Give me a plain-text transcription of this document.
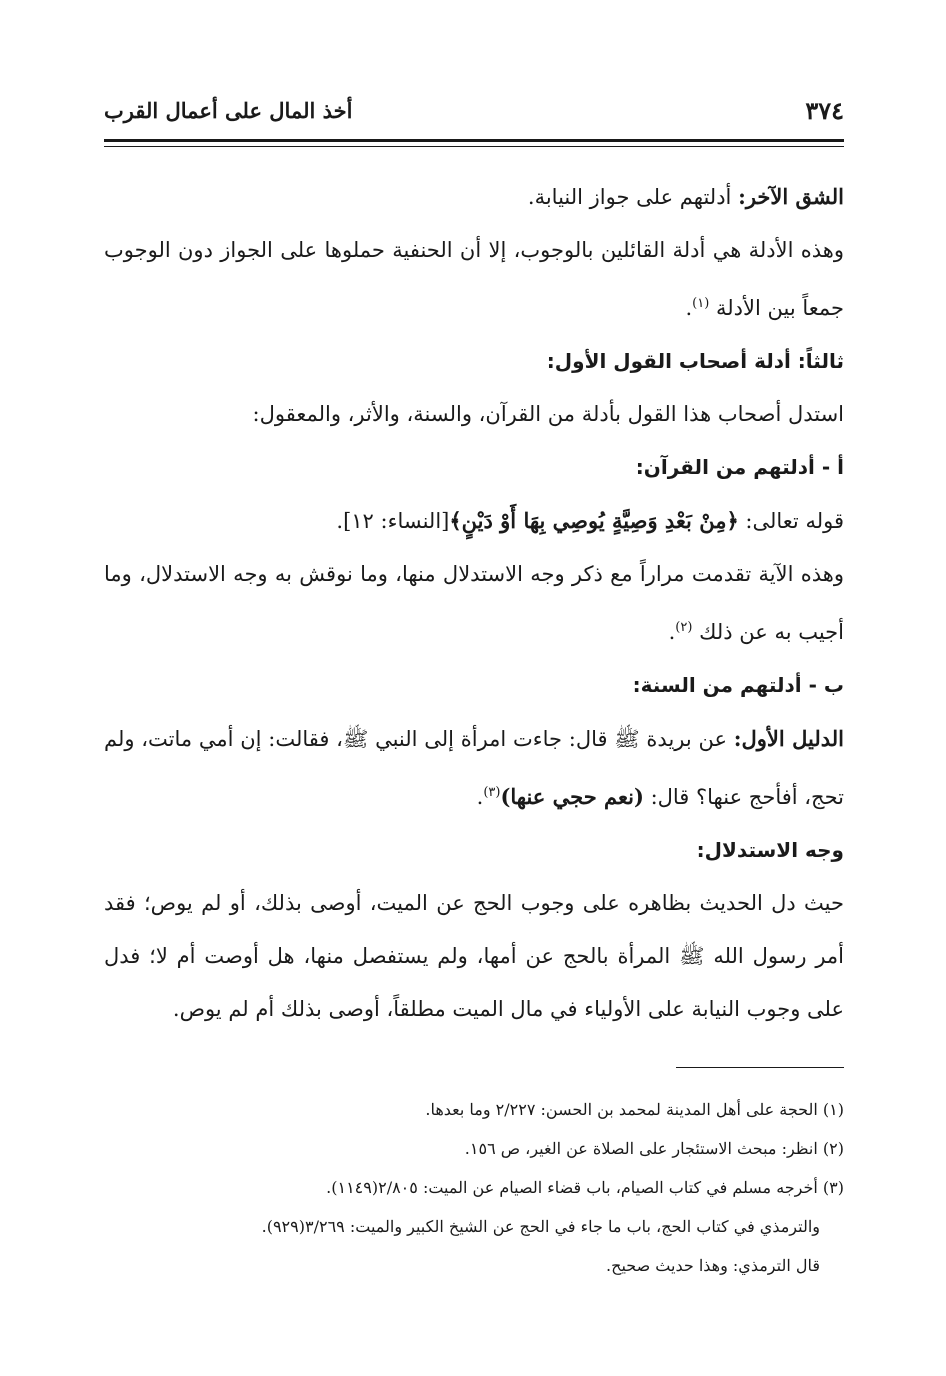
٣٧٤
أخذ المال على أعمال القرب

الشق الآخر: أدلتهم على جواز النيابة.

وهذه الأدلة هي أدلة القائلين بالوجوب، إلا أن الحنفية حملوها على الجواز دون الوجوب جمعاً بين الأدلة $^{(١)}$.

ثالثاً: أدلة أصحاب القول الأول:

استدل أصحاب هذا القول بأدلة من القرآن، والسنة، والأثر، والمعقول:

أ - أدلتهم من القرآن:

قوله تعالى: ﴿مِنْ بَعْدِ وَصِيَّةٍ يُوصِي بِهَا أَوْ دَيْنٍ﴾[النساء: ١٢].

وهذه الآية تقدمت مراراً مع ذكر وجه الاستدلال منها، وما نوقش به وجه الاستدلال، وما أجيب به عن ذلك $^{(٢)}$.

ب - أدلتهم من السنة:

الدليل الأول: عن بريدة ﷺ قال: جاءت امرأة إلى النبي ﷺ، فقالت: إن أمي ماتت، ولم تحج، أفأحج عنها؟ قال: (نعم حجي عنها)$^{(٣)}$.

وجه الاستدلال:

حيث دل الحديث بظاهره على وجوب الحج عن الميت، أوصى بذلك، أو لم يوص؛ فقد أمر رسول الله ﷺ المرأة بالحج عن أمها، ولم يستفصل منها، هل أوصت أم لا؛ فدل على وجوب النيابة على الأولياء في مال الميت مطلقاً، أوصى بذلك أم لم يوص.

(١) الحجة على أهل المدينة لمحمد بن الحسن: ٢/٢٢٧ وما بعدها.

(٢) انظر: مبحث الاستئجار على الصلاة عن الغير، ص ١٥٦.

(٣) أخرجه مسلم في كتاب الصيام، باب قضاء الصيام عن الميت: ٢/٨٠٥(١١٤٩).

والترمذي في كتاب الحج، باب ما جاء في الحج عن الشيخ الكبير والميت: ٣/٢٦٩(٩٢٩).

قال الترمذي: وهذا حديث صحيح.
